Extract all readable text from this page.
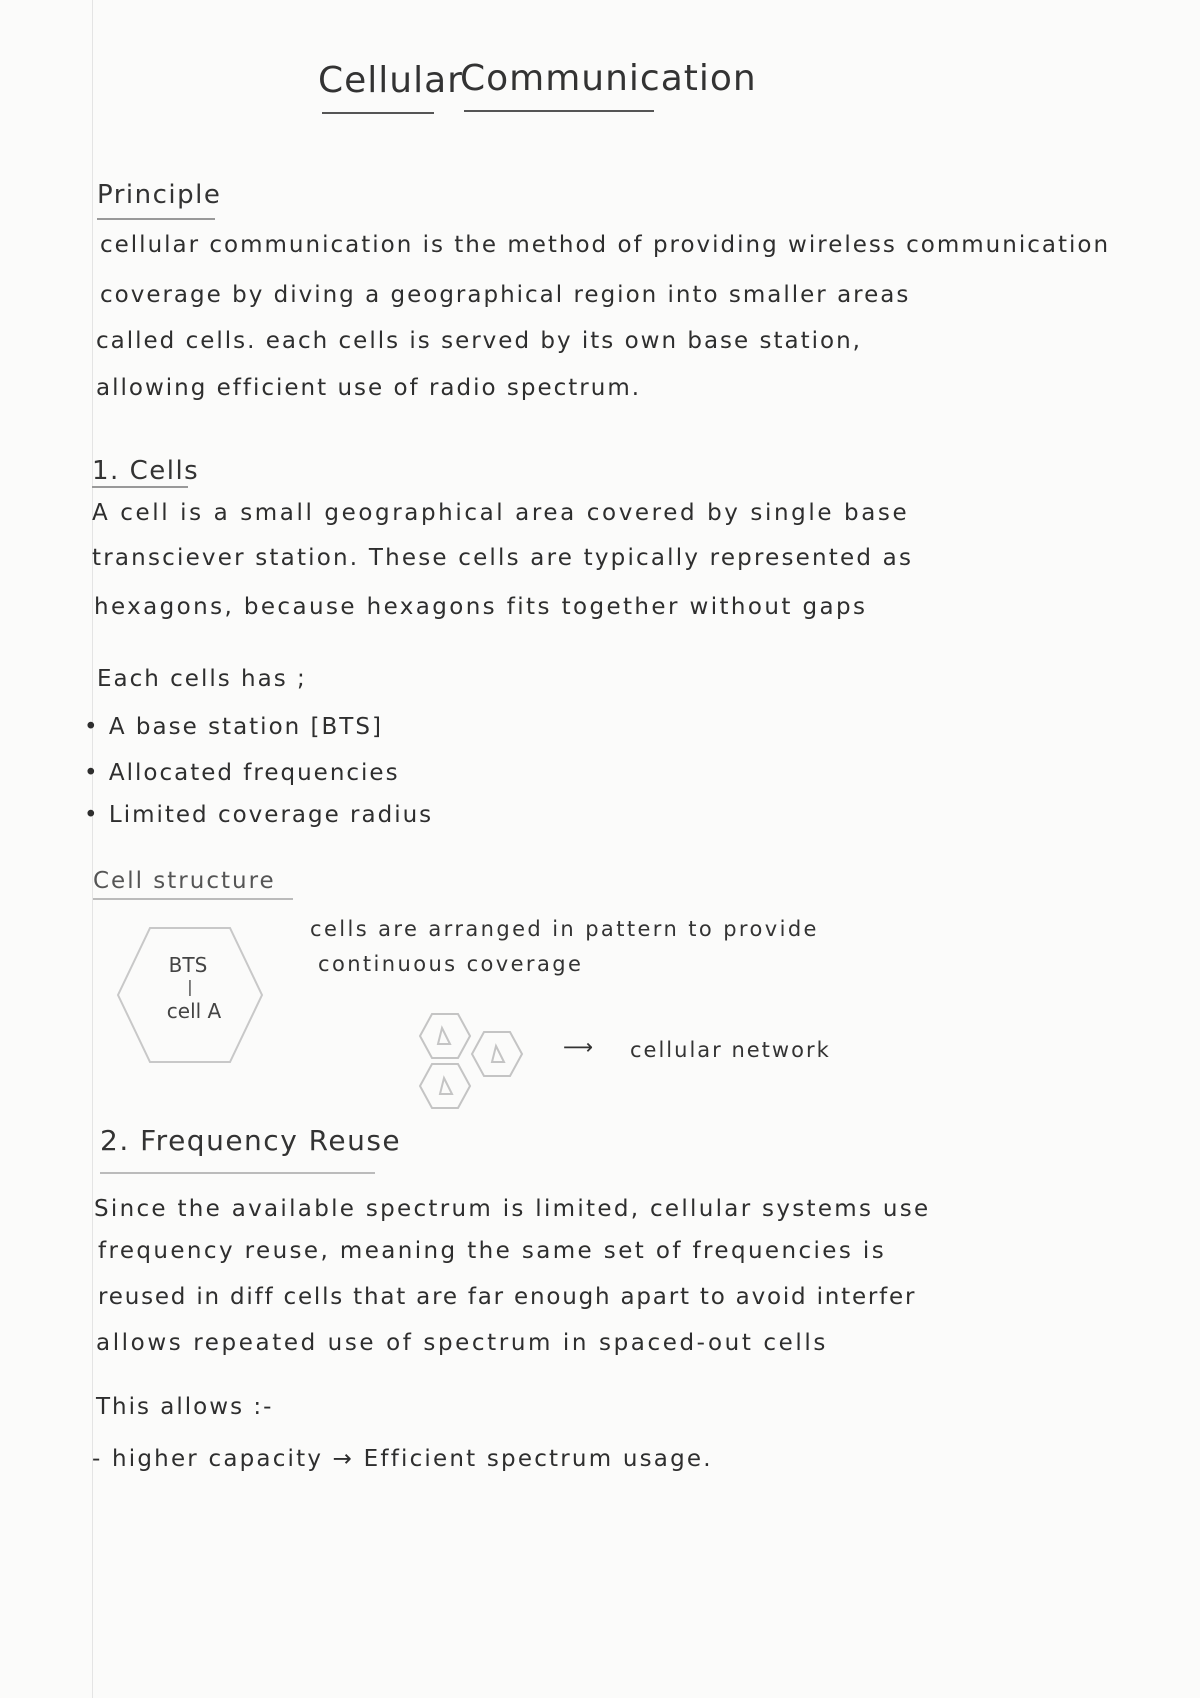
Cellular
Communication
Principle
cellular communication is the method of providing wireless communication
coverage by diving a geographical region into smaller areas
called cells. each cells is served by its own base station,
allowing efficient use of radio spectrum.
1. Cells
A cell is a small geographical area covered by single base
transciever station. These cells are typically represented as
hexagons, because hexagons fits together without gaps
Each cells has ;
• A base station [BTS]
• Allocated frequencies
• Limited coverage radius
Cell structure
BTS
|
cell A
cells are arranged in pattern to provide
continuous coverage
⟶ cellular network
2. Frequency Reuse
Since the available spectrum is limited, cellular systems use
frequency reuse, meaning the same set of frequencies is
reused in diff cells that are far enough apart to avoid interfer
allows repeated use of spectrum in spaced-out cells
This allows :-
- higher capacity → Efficient spectrum usage.
